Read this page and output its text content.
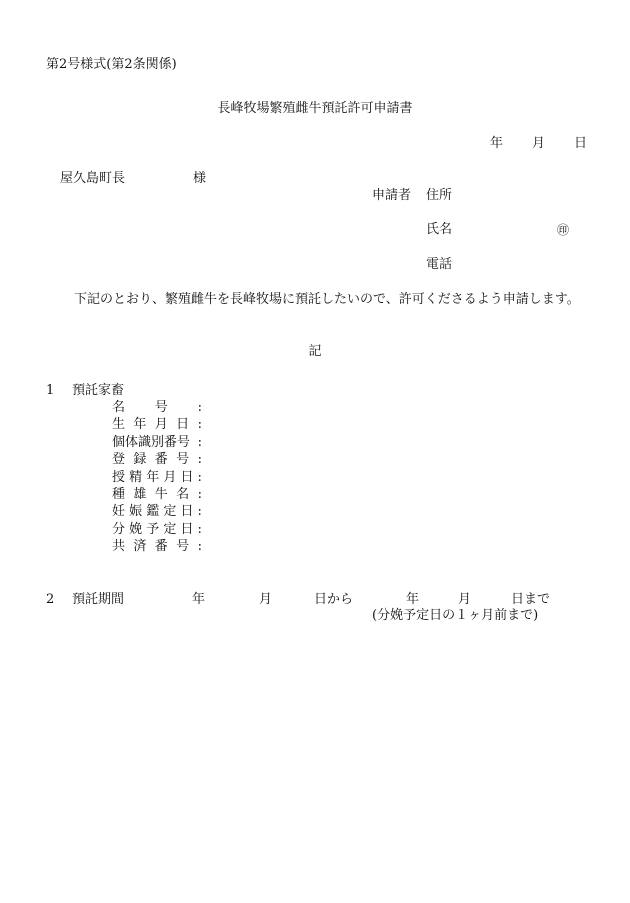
第2号様式(第2条関係)
長峰牧場繁殖雌牛預託許可申請書
年 月 日
屋久島町長	様
申請者 住所
氏名	㊞
電話
下記のとおり、繁殖雌牛を長峰牧場に預託したいので、許可くださるよう申請します。
記
1 預託家畜
名 号 :
生 年 月 日 :
個体識別番号 :
登 録 番 号 :
授 精 年 月 日 :
種 雄 牛 名 :
妊 娠 鑑 定 日 :
分 娩 予 定 日 :
共 済 番 号 :
2 預託期間	年	月	日から	年	月	日まで
(分娩予定日の１ヶ月前まで)
